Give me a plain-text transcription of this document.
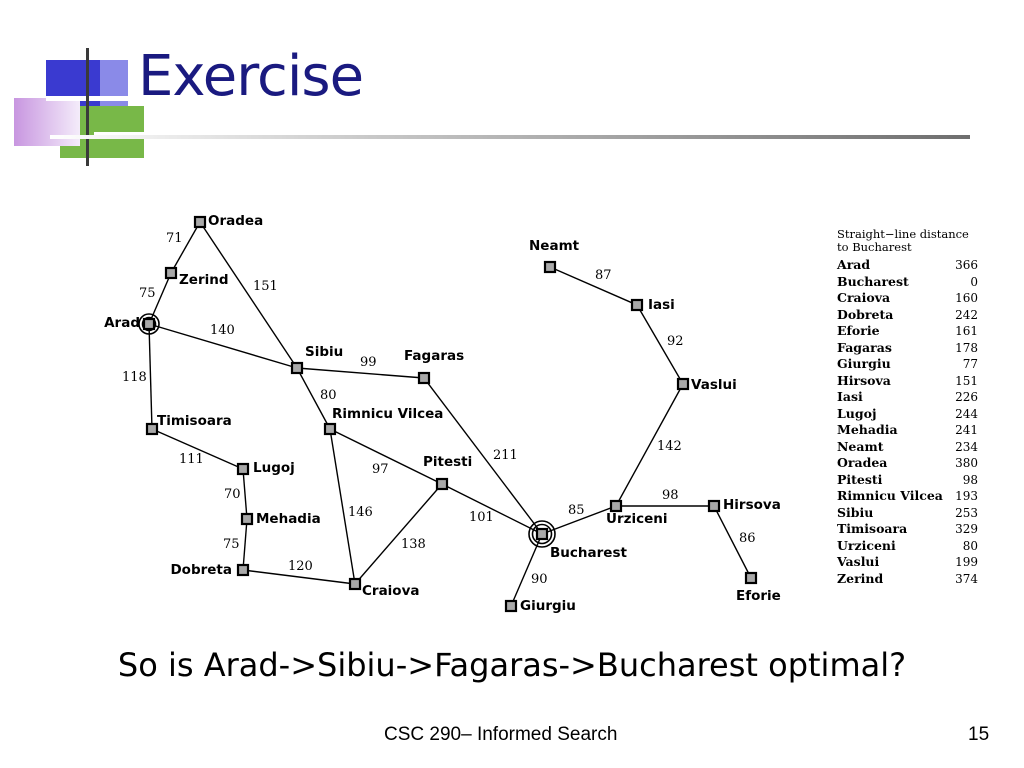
Exercise
71
75	151
140
118
99
80
111
70
75
120
97
146
138
211
101
90
85
87
92
142
98
86
Oradea
Zerind
Arad
Sibiu	Fagaras
Timisoara	Rimnicu Vilcea
Lugoj	Pitesti
Mehadia
Dobreta
Craiova
Bucharest
Giurgiu
Neamt
Iasi
Vaslui
Urziceni
Hirsova
Eforie
Straight−line distance to Bucharest
Arad	366
Bucharest	0
Craiova	160
Dobreta	242
Eforie	161
Fagaras	178
Giurgiu	77
Hirsova	151
Iasi	226
Lugoj	244
Mehadia	241
Neamt	234
Oradea	380
Pitesti	98
Rimnicu Vilcea 193
Sibiu	253
Timisoara	329
Urziceni	80
Vaslui	199
Zerind	374
So is Arad->Sibiu->Fagaras->Bucharest optimal?
CSC 290– Informed Search	15
